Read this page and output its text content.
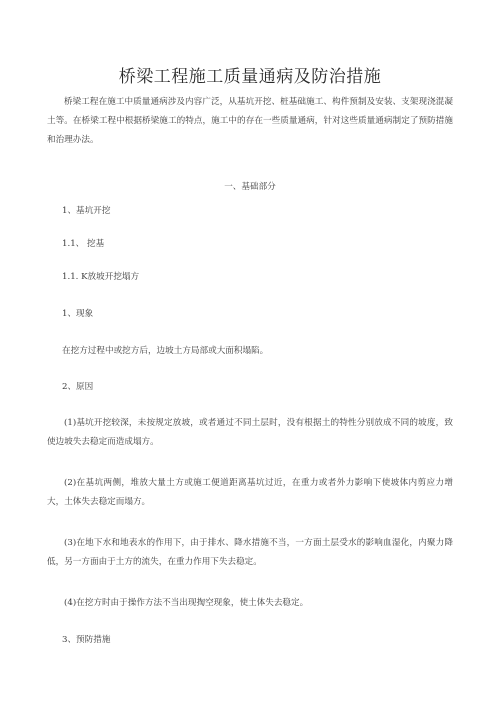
桥梁工程施工质量通病及防治措施
桥梁工程在施工中质量通病涉及内容广泛，从基坑开挖、桩基础施工、构件预制及安装、支架现浇混凝土等。在桥梁工程中根据桥梁施工的特点，施工中的存在一些质量通病，针对这些质量通病制定了预防措施和治理办法。
一、基础部分
1、基坑开挖
1.1、 挖基
1.1. K放坡开挖塌方
1、现象
在挖方过程中或挖方后，边坡土方局部或大面积塌陷。
2、原因
(1)基坑开挖较深，未按规定放坡，或者通过不同土层时，没有根据土的特性分别放成不同的坡度，致使边坡失去稳定而造成塌方。
(2)在基坑两侧，堆放大量土方或施工便道距离基坑过近，在重力或者外力影响下使坡体内剪应力增大，土体失去稳定而塌方。
(3)在地下水和地表水的作用下，由于排水、降水措施不当，一方面土层受水的影响血湿化，内聚力降低，另一方面由于土方的流失，在重力作用下失去稳定。
(4)在挖方时由于操作方法不当出现掏空现象，使土体失去稳定。
3、预防措施
